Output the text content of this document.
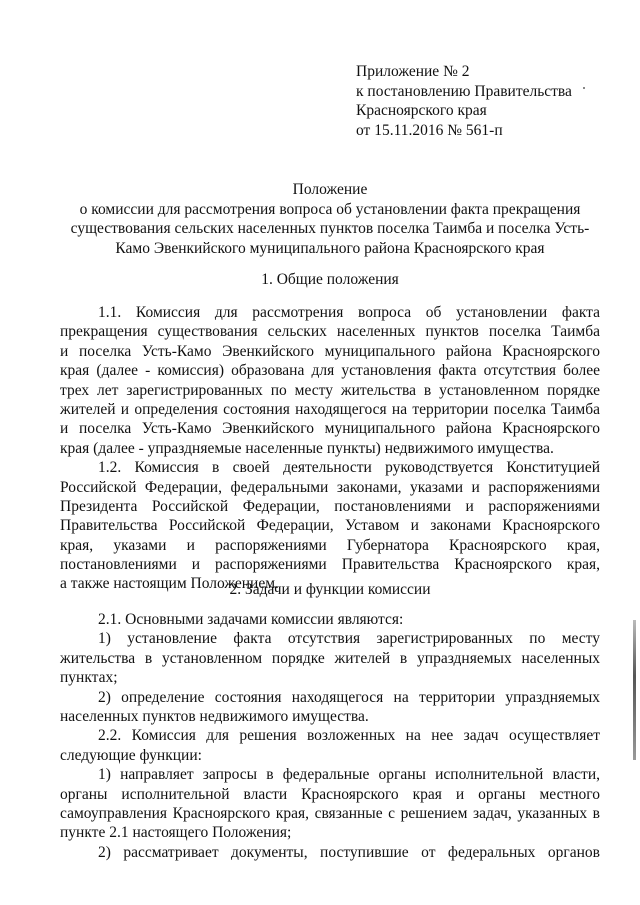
Приложение № 2
к постановлению Правительства
Красноярского края
от 15.11.2016 № 561-п
Положение
о комиссии для рассмотрения вопроса об установлении факта прекращения
существования сельских населенных пунктов поселка Таимба и поселка Усть-
Камо Эвенкийского муниципального района Красноярского края
1. Общие положения
1.1. Комиссия для рассмотрения вопроса об установлении факта
прекращения существования сельских населенных пунктов поселка Таимба
и поселка Усть-Камо Эвенкийского муниципального района Красноярского
края (далее - комиссия) образована для установления факта отсутствия более
трех лет зарегистрированных по месту жительства в установленном порядке
жителей и определения состояния находящегося на территории поселка Таимба
и поселка Усть-Камо Эвенкийского муниципального района Красноярского
края (далее - упраздняемые населенные пункты) недвижимого имущества.
1.2. Комиссия в своей деятельности руководствуется Конституцией
Российской Федерации, федеральными законами, указами и распоряжениями
Президента Российской Федерации, постановлениями и распоряжениями
Правительства Российской Федерации, Уставом и законами Красноярского
края, указами и распоряжениями Губернатора Красноярского края,
постановлениями и распоряжениями Правительства Красноярского края,
а также настоящим Положением.
2. Задачи и функции комиссии
2.1. Основными задачами комиссии являются:
1) установление факта отсутствия зарегистрированных по месту
жительства в установленном порядке жителей в упраздняемых населенных
пунктах;
2) определение состояния находящегося на территории упраздняемых
населенных пунктов недвижимого имущества.
2.2. Комиссия для решения возложенных на нее задач осуществляет
следующие функции:
1) направляет запросы в федеральные органы исполнительной власти,
органы исполнительной власти Красноярского края и органы местного
самоуправления Красноярского края, связанные с решением задач, указанных в
пункте 2.1 настоящего Положения;
2) рассматривает документы, поступившие от федеральных органов
